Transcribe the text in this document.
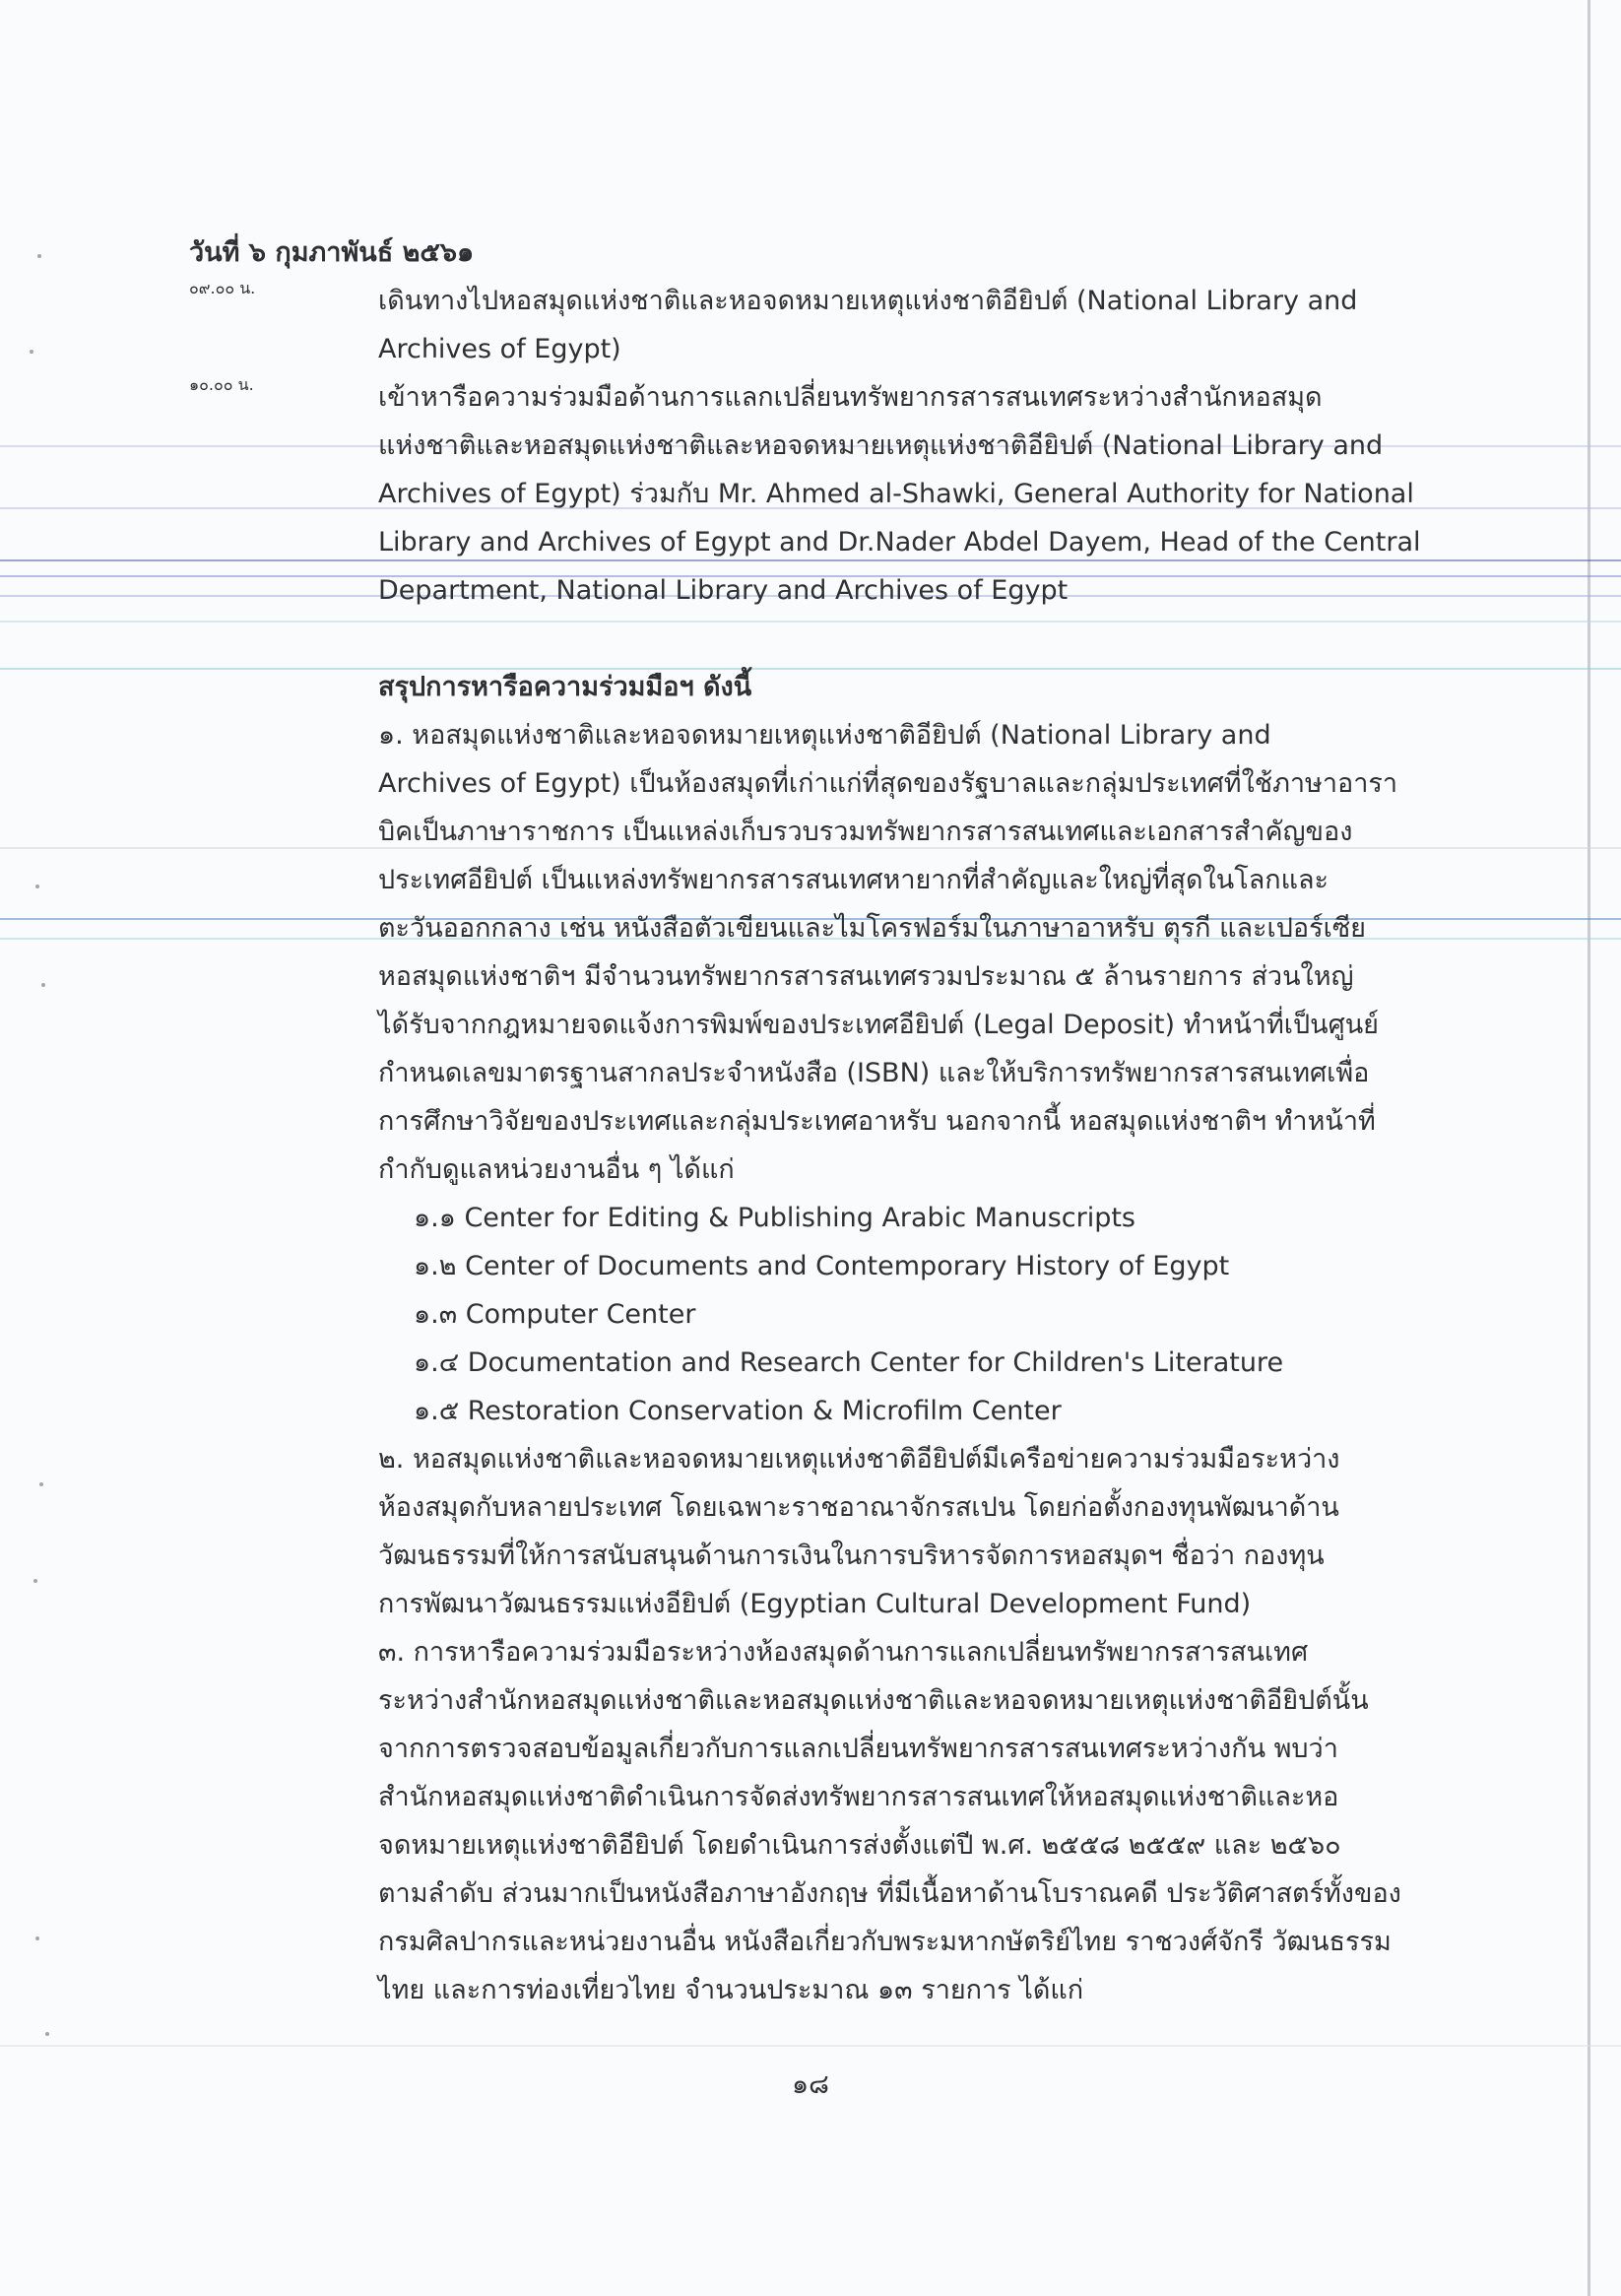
วันที่ ๖ กุมภาพันธ์ ๒๕๖๑
๐๙.๐๐ น.	เดินทางไปหอสมุดแห่งชาติและหอจดหมายเหตุแห่งชาติอียิปต์ (National Library and
Archives of Egypt)
๑๐.๐๐ น.	เข้าหารือความร่วมมือด้านการแลกเปลี่ยนทรัพยากรสารสนเทศระหว่างสำนักหอสมุด
แห่งชาติและหอสมุดแห่งชาติและหอจดหมายเหตุแห่งชาติอียิปต์ (National Library and
Archives of Egypt) ร่วมกับ Mr. Ahmed al-Shawki, General Authority for National
Library and Archives of Egypt and Dr.Nader Abdel Dayem, Head of the Central
Department, National Library and Archives of Egypt
สรุปการหารือความร่วมมือฯ ดังนี้
๑. หอสมุดแห่งชาติและหอจดหมายเหตุแห่งชาติอียิปต์ (National Library and
Archives of Egypt) เป็นห้องสมุดที่เก่าแก่ที่สุดของรัฐบาลและกลุ่มประเทศที่ใช้ภาษาอารา
บิคเป็นภาษาราชการ เป็นแหล่งเก็บรวบรวมทรัพยากรสารสนเทศและเอกสารสำคัญของ
ประเทศอียิปต์ เป็นแหล่งทรัพยากรสารสนเทศหายากที่สำคัญและใหญ่ที่สุดในโลกและ
ตะวันออกกลาง เช่น หนังสือตัวเขียนและไมโครฟอร์มในภาษาอาหรับ ตุรกี และเปอร์เซีย
หอสมุดแห่งชาติฯ มีจำนวนทรัพยากรสารสนเทศรวมประมาณ ๕ ล้านรายการ ส่วนใหญ่
ได้รับจากกฎหมายจดแจ้งการพิมพ์ของประเทศอียิปต์ (Legal Deposit) ทำหน้าที่เป็นศูนย์
กำหนดเลขมาตรฐานสากลประจำหนังสือ (ISBN) และให้บริการทรัพยากรสารสนเทศเพื่อ
การศึกษาวิจัยของประเทศและกลุ่มประเทศอาหรับ นอกจากนี้ หอสมุดแห่งชาติฯ ทำหน้าที่
กำกับดูแลหน่วยงานอื่น ๆ ได้แก่
๑.๑ Center for Editing & Publishing Arabic Manuscripts
๑.๒ Center of Documents and Contemporary History of Egypt
๑.๓ Computer Center
๑.๔ Documentation and Research Center for Children's Literature
๑.๕ Restoration Conservation & Microfilm Center
๒. หอสมุดแห่งชาติและหอจดหมายเหตุแห่งชาติอียิปต์มีเครือข่ายความร่วมมือระหว่าง
ห้องสมุดกับหลายประเทศ โดยเฉพาะราชอาณาจักรสเปน โดยก่อตั้งกองทุนพัฒนาด้าน
วัฒนธรรมที่ให้การสนับสนุนด้านการเงินในการบริหารจัดการหอสมุดฯ ชื่อว่า กองทุน
การพัฒนาวัฒนธรรมแห่งอียิปต์ (Egyptian Cultural Development Fund)
๓. การหารือความร่วมมือระหว่างห้องสมุดด้านการแลกเปลี่ยนทรัพยากรสารสนเทศ
ระหว่างสำนักหอสมุดแห่งชาติและหอสมุดแห่งชาติและหอจดหมายเหตุแห่งชาติอียิปต์นั้น
จากการตรวจสอบข้อมูลเกี่ยวกับการแลกเปลี่ยนทรัพยากรสารสนเทศระหว่างกัน พบว่า
สำนักหอสมุดแห่งชาติดำเนินการจัดส่งทรัพยากรสารสนเทศให้หอสมุดแห่งชาติและหอ
จดหมายเหตุแห่งชาติอียิปต์ โดยดำเนินการส่งตั้งแต่ปี พ.ศ. ๒๕๕๘ ๒๕๕๙ และ ๒๕๖๐
ตามลำดับ ส่วนมากเป็นหนังสือภาษาอังกฤษ ที่มีเนื้อหาด้านโบราณคดี ประวัติศาสตร์ทั้งของ
กรมศิลปากรและหน่วยงานอื่น หนังสือเกี่ยวกับพระมหากษัตริย์ไทย ราชวงศ์จักรี วัฒนธรรม
ไทย และการท่องเที่ยวไทย จำนวนประมาณ ๑๓ รายการ ได้แก่
๑๘
